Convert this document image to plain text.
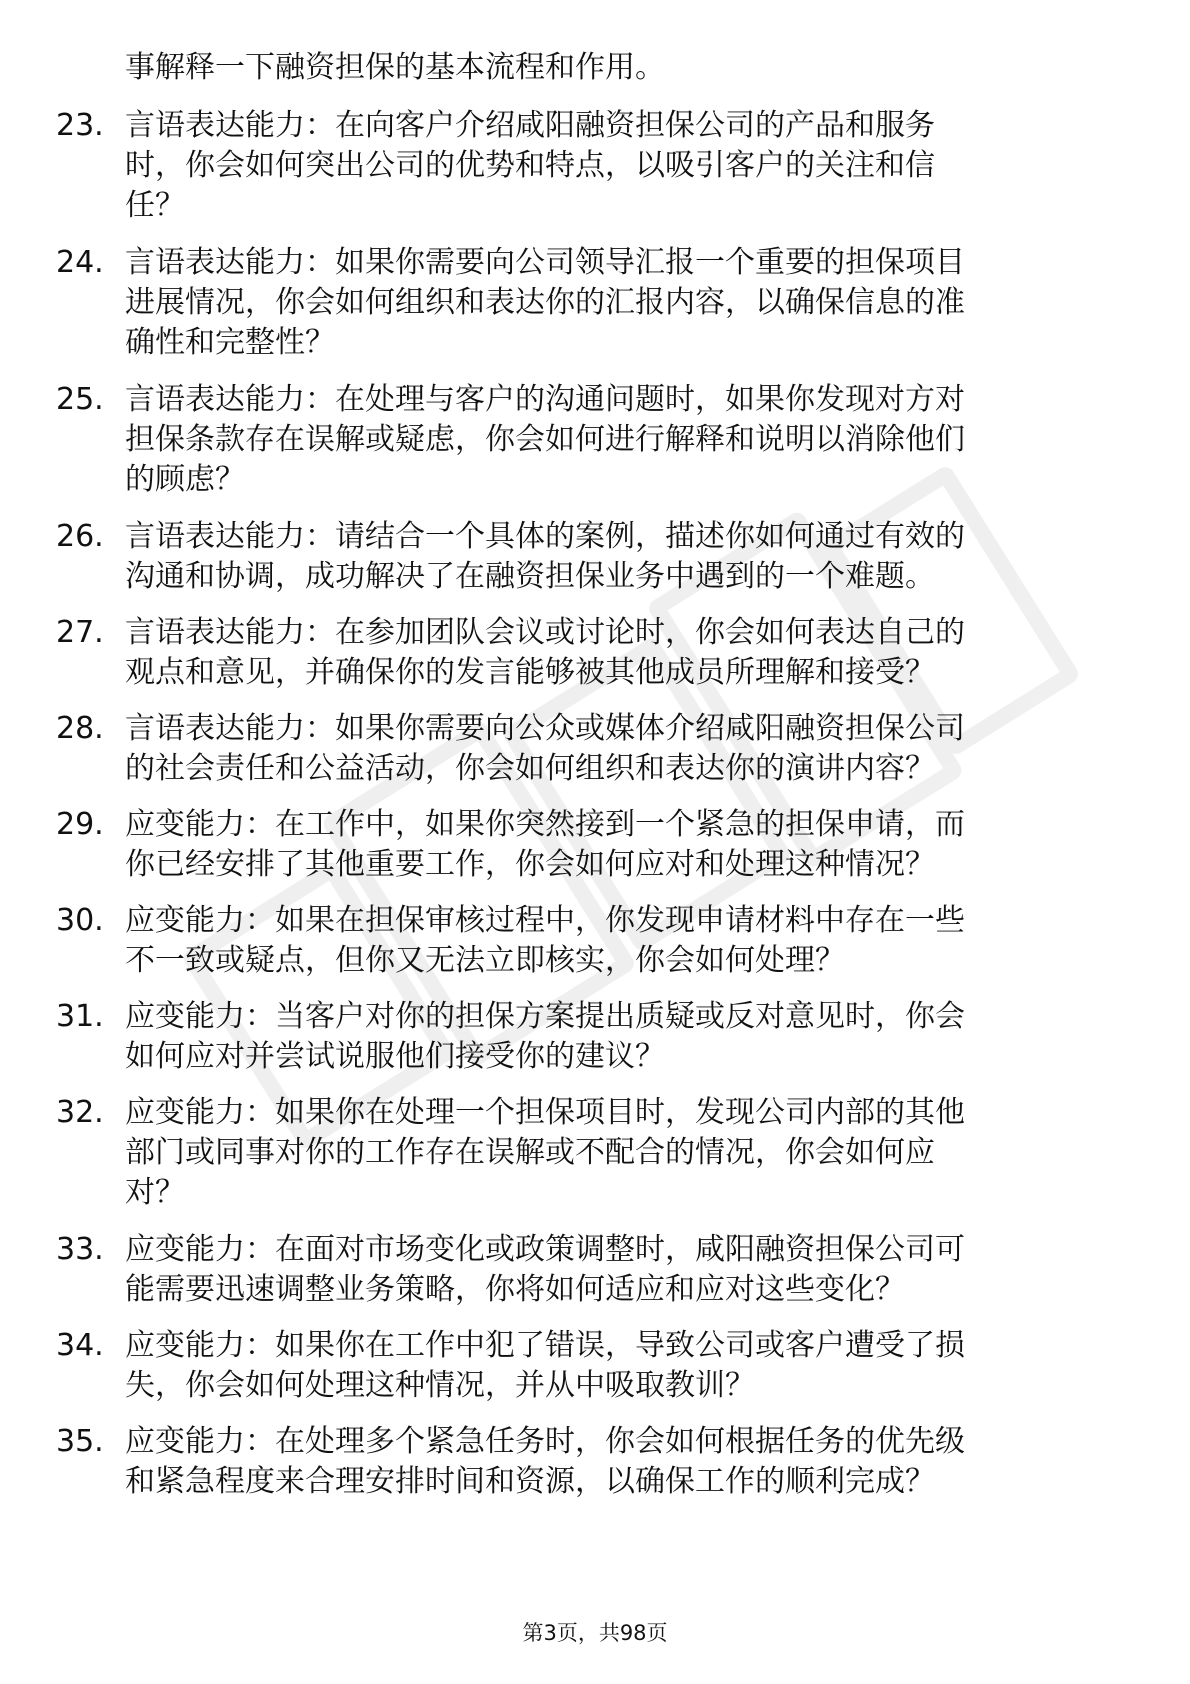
事解释一下融资担保的基本流程和作用。
23. 言语表达能力：在向客户介绍咸阳融资担保公司的产品和服务
时，你会如何突出公司的优势和特点，以吸引客户的关注和信
任？
24. 言语表达能力：如果你需要向公司领导汇报一个重要的担保项目
进展情况，你会如何组织和表达你的汇报内容，以确保信息的准
确性和完整性？
25. 言语表达能力：在处理与客户的沟通问题时，如果你发现对方对
担保条款存在误解或疑虑，你会如何进行解释和说明以消除他们
的顾虑？
26. 言语表达能力：请结合一个具体的案例，描述你如何通过有效的
沟通和协调，成功解决了在融资担保业务中遇到的一个难题。
27. 言语表达能力：在参加团队会议或讨论时，你会如何表达自己的
观点和意见，并确保你的发言能够被其他成员所理解和接受？
28. 言语表达能力：如果你需要向公众或媒体介绍咸阳融资担保公司
的社会责任和公益活动，你会如何组织和表达你的演讲内容？
29. 应变能力：在工作中，如果你突然接到一个紧急的担保申请，而
你已经安排了其他重要工作，你会如何应对和处理这种情况？
30. 应变能力：如果在担保审核过程中，你发现申请材料中存在一些
不一致或疑点，但你又无法立即核实，你会如何处理？
31. 应变能力：当客户对你的担保方案提出质疑或反对意见时，你会
如何应对并尝试说服他们接受你的建议？
32. 应变能力：如果你在处理一个担保项目时，发现公司内部的其他
部门或同事对你的工作存在误解或不配合的情况，你会如何应
对？
33. 应变能力：在面对市场变化或政策调整时，咸阳融资担保公司可
能需要迅速调整业务策略，你将如何适应和应对这些变化？
34. 应变能力：如果你在工作中犯了错误，导致公司或客户遭受了损
失，你会如何处理这种情况，并从中吸取教训？
35. 应变能力：在处理多个紧急任务时，你会如何根据任务的优先级
和紧急程度来合理安排时间和资源，以确保工作的顺利完成？
第3页，共98页
